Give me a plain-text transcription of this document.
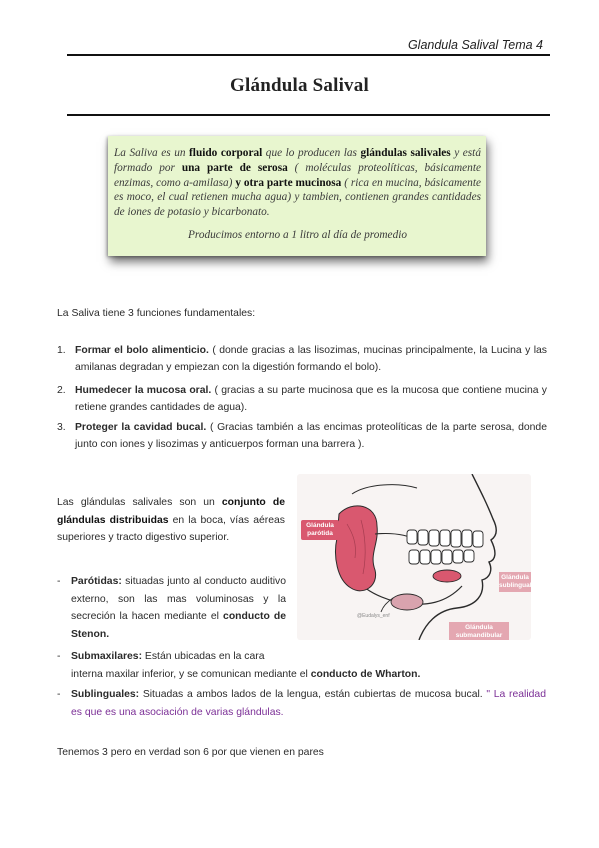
Glandula Salival Tema 4
Glándula Salival
La Saliva es un fluido corporal que lo producen las glándulas salivales y está formado por una parte de serosa ( moléculas proteolíticas, básicamente enzimas, como a-amilasa) y otra parte mucinosa ( rica en mucina, básicamente es moco, el cual retienen mucha agua) y tambien, contienen grandes cantidades de iones de potasio y bicarbonato.
Producimos entorno a 1 litro al día de promedio
La Saliva tiene 3 funciones fundamentales:
1. Formar el bolo alimenticio. ( donde gracias a las lisozimas, mucinas principalmente, la Lucina y las amilanas degradan y empiezan con la digestión formando el bolo).
2. Humedecer la mucosa oral. ( gracias a su parte mucinosa que es la mucosa que contiene mucina y retiene grandes cantidades de agua).
3. Proteger la cavidad bucal. ( Gracias también a las encimas proteolíticas de la parte serosa, donde junto con iones y lisozimas y anticuerpos forman una barrera ).
Las glándulas salivales son un conjunto de glándulas distribuidas en la boca, vías aéreas superiores y tracto digestivo superior.
- Parótidas: situadas junto al conducto auditivo externo, son las mas voluminosas y la secreción la hacen mediante el conducto de Stenon.
- Submaxilares: Están ubicadas en la cara
interna maxilar inferior, y se comunican mediante el conducto de Wharton.
- Sublinguales: Situadas a ambos lados de la lengua, están cubiertas de mucosa bucal. " La realidad es que es una asociación de varias glándulas.
Tenemos 3 pero en verdad son 6 por que vienen en pares
Glándula parótida
Glándula sublingual
Glándula submandibular
@Eudalys_enf
